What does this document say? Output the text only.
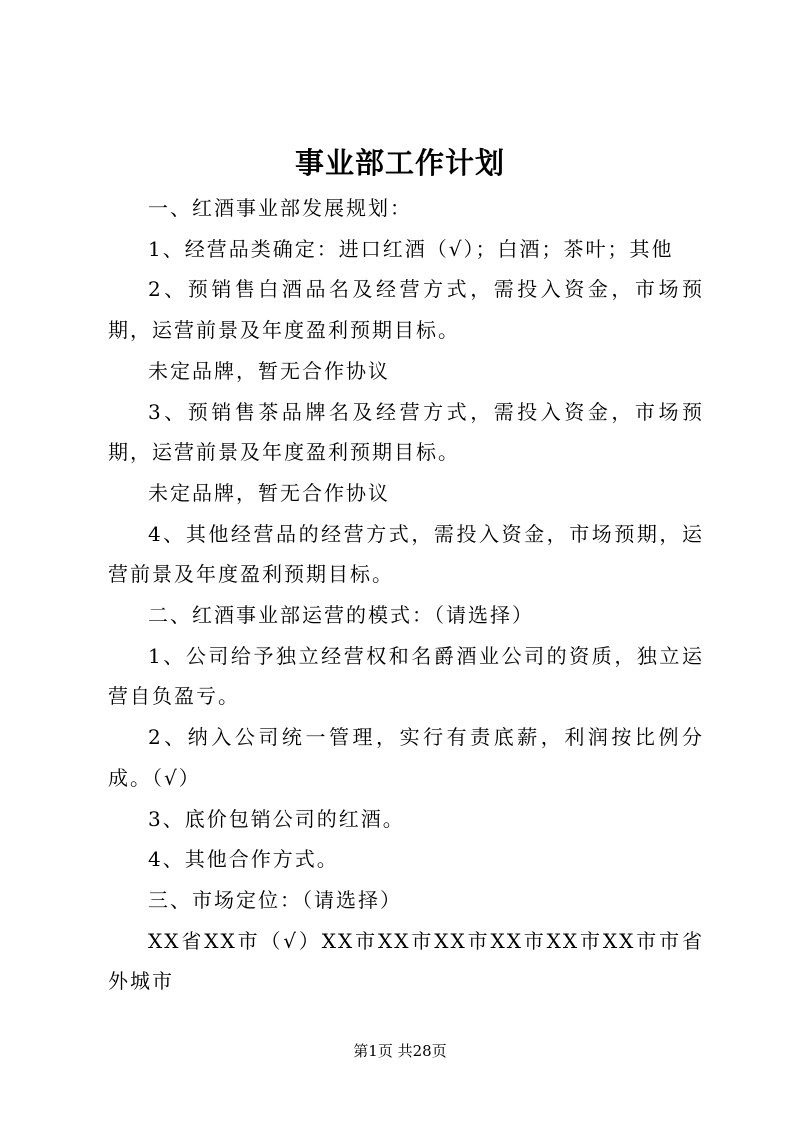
事业部工作计划

一、红酒事业部发展规划：

1、经营品类确定：进口红酒（√）；白酒；茶叶；其他

2、预销售白酒品名及经营方式，需投入资金，市场预期，运营前景及年度盈利预期目标。

未定品牌，暂无合作协议

3、预销售茶品牌名及经营方式，需投入资金，市场预期，运营前景及年度盈利预期目标。

未定品牌，暂无合作协议

4、其他经营品的经营方式，需投入资金，市场预期，运营前景及年度盈利预期目标。

二、红酒事业部运营的模式：（请选择）

1、公司给予独立经营权和名爵酒业公司的资质，独立运营自负盈亏。

2、纳入公司统一管理，实行有责底薪，利润按比例分成。（√）

3、底价包销公司的红酒。

4、其他合作方式。

三、市场定位：（请选择）

XX省XX市（√）XX市XX市XX市XX市XX市XX市市省外城市

第1页 共28页
